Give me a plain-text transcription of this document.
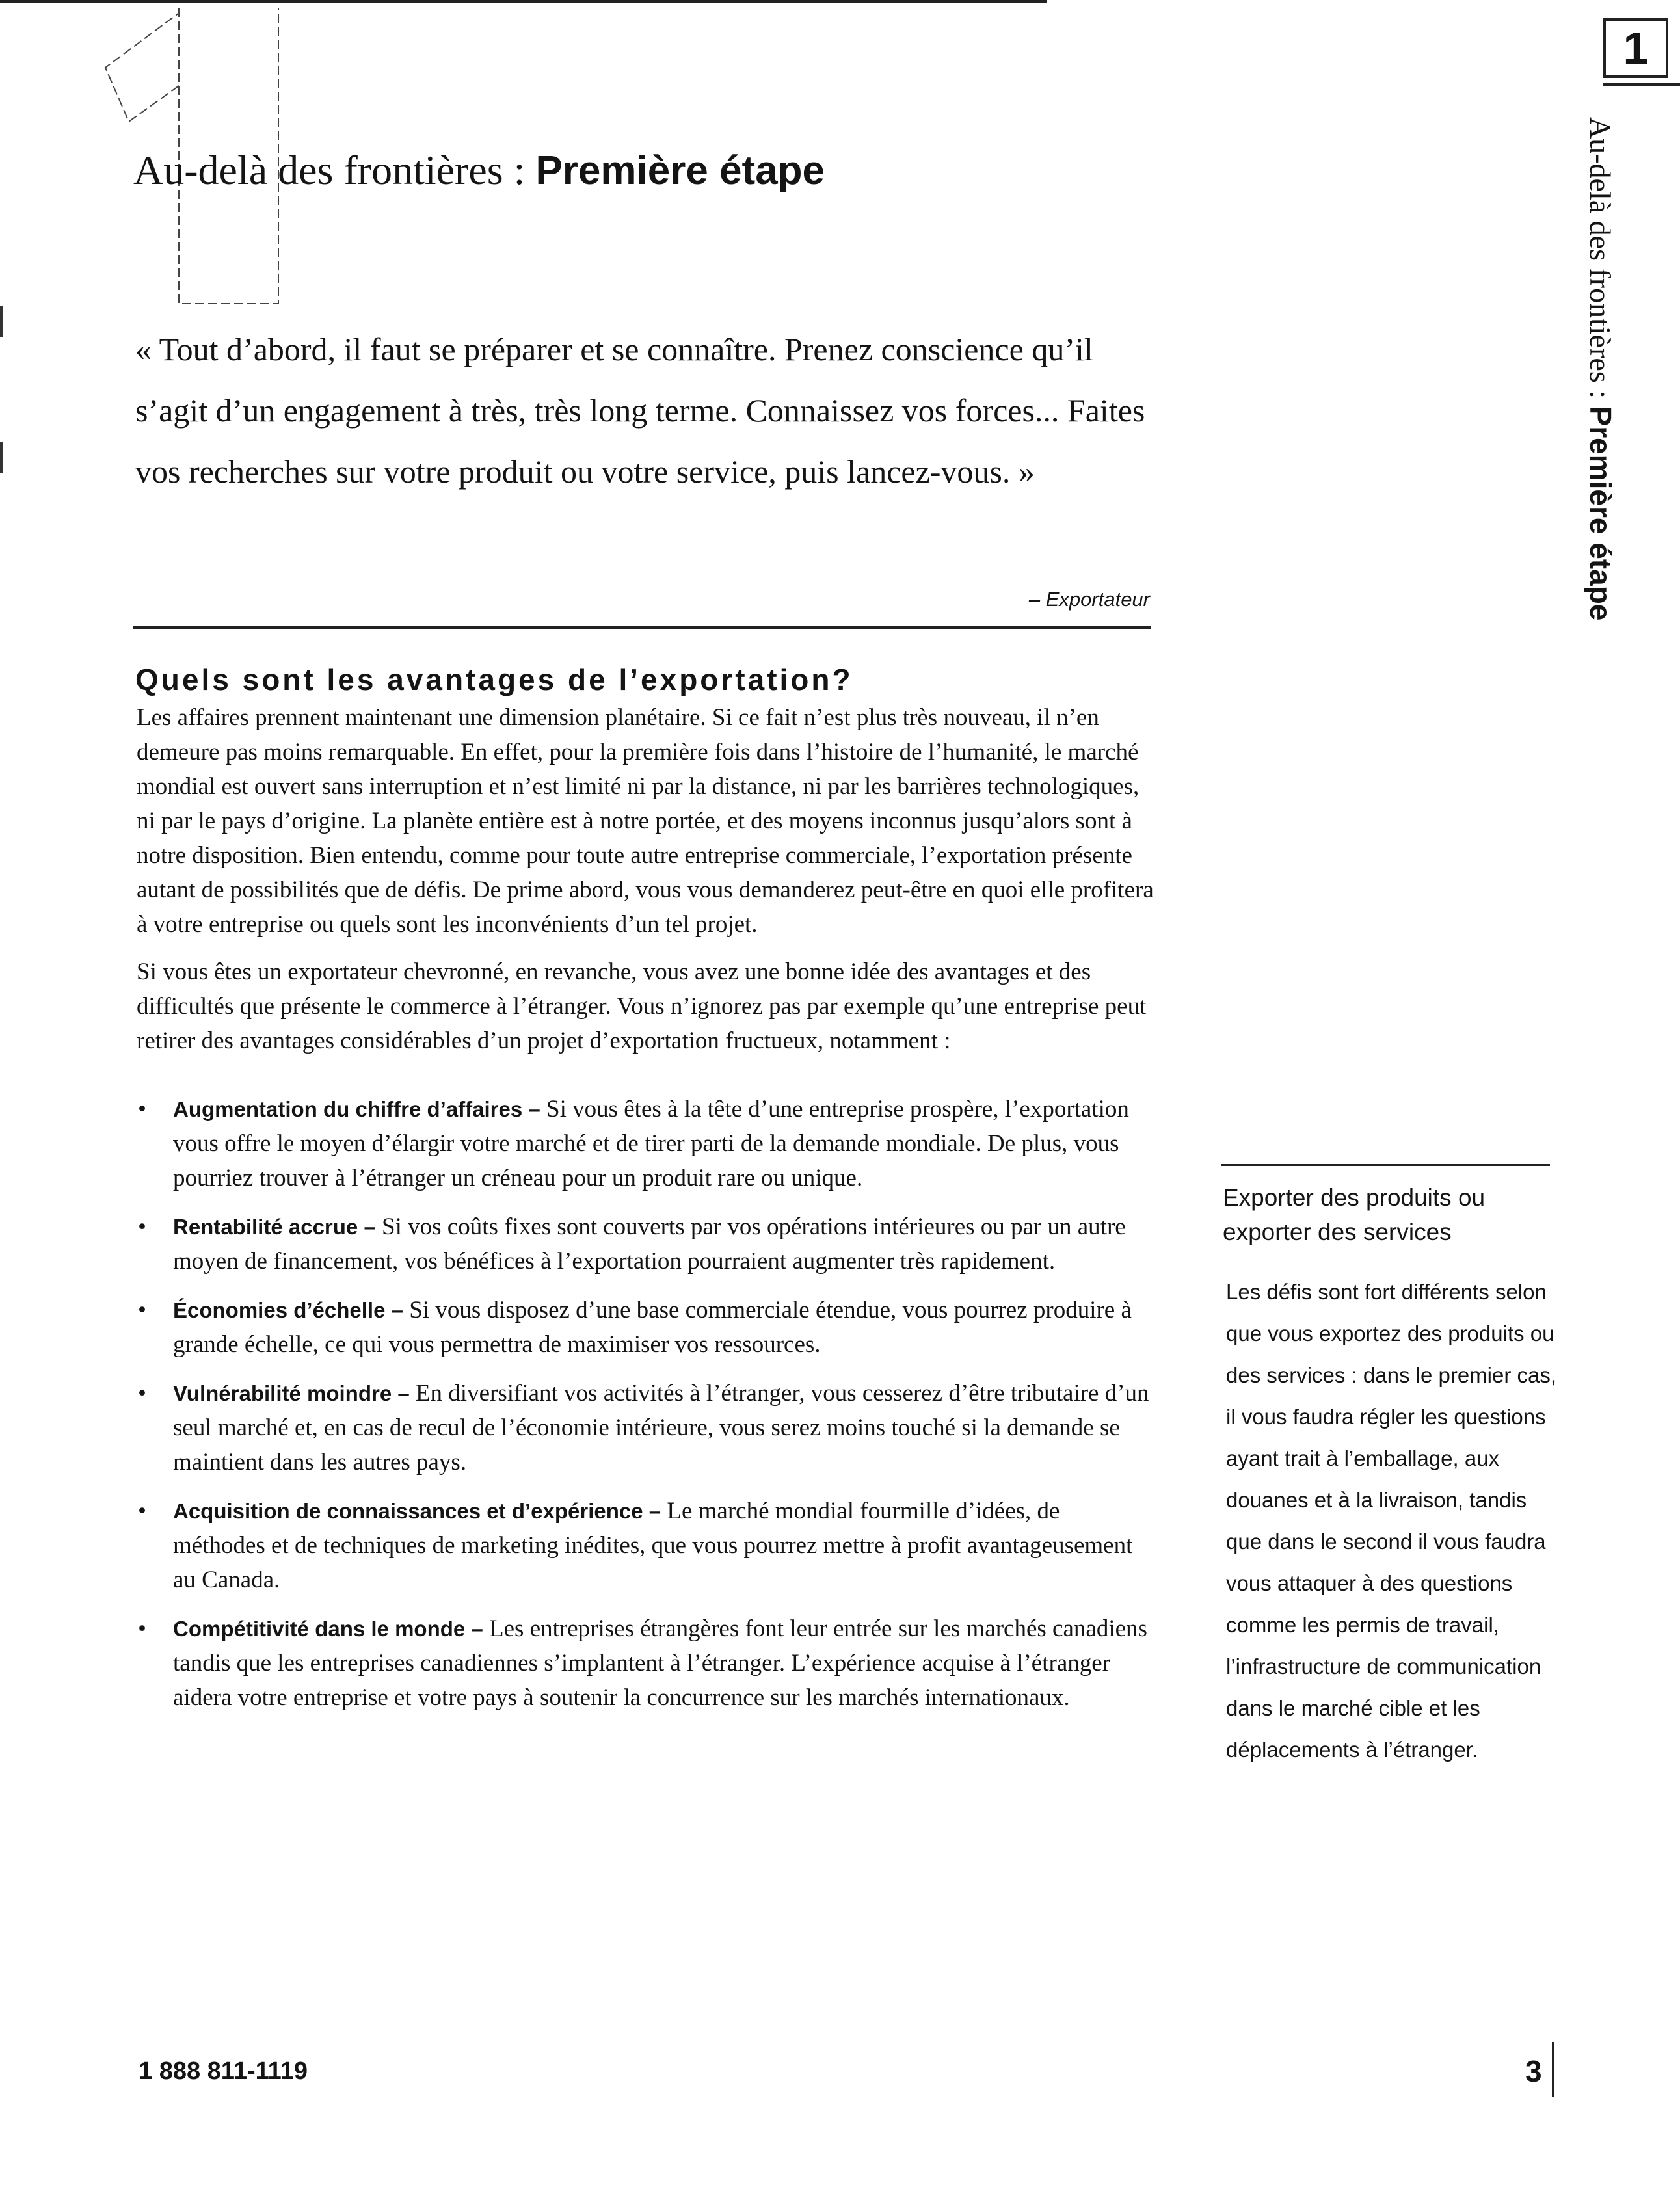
1
Au-delà des frontières : Première étape	Au-delà des frontières : Première étape

« Tout d’abord, il faut se préparer et se connaître. Prenez conscience qu’il s’agit d’un engagement à très, très long terme. Connaissez vos forces... Faites vos recherches sur votre produit ou votre service, puis lancez-vous. »

– Exportateur
Quels sont les avantages de l’exportation?

Les affaires prennent maintenant une dimension planétaire. Si ce fait n’est plus très nouveau, il n’en demeure pas moins remarquable. En effet, pour la première fois dans l’histoire de l’humanité, le marché mondial est ouvert sans interruption et n’est limité ni par la distance, ni par les barrières technologiques, ni par le pays d’origine. La planète entière est à notre portée, et des moyens inconnus jusqu’alors sont à notre disposition. Bien entendu, comme pour toute autre entreprise commerciale, l’exportation présente autant de possibilités que de défis. De prime abord, vous vous demanderez peut-être en quoi elle profitera à votre entreprise ou quels sont les inconvénients d’un tel projet.

Si vous êtes un exportateur chevronné, en revanche, vous avez une bonne idée des avantages et des difficultés que présente le commerce à l’étranger. Vous n’ignorez pas par exemple qu’une entreprise peut retirer des avantages considérables d’un projet d’exportation fructueux, notamment :

• Augmentation du chiffre d’affaires – Si vous êtes à la tête d’une entreprise prospère, l’exportation vous offre le moyen d’élargir votre marché et de tirer parti de la demande mondiale. De plus, vous pourriez trouver à l’étranger un créneau pour un produit rare ou unique.
• Rentabilité accrue – Si vos coûts fixes sont couverts par vos opérations intérieures ou par un autre moyen de financement, vos bénéfices à l’exportation pourraient augmenter très rapidement.
• Économies d’échelle – Si vous disposez d’une base commerciale étendue, vous pourrez produire à grande échelle, ce qui vous permettra de maximiser vos ressources.
• Vulnérabilité moindre – En diversifiant vos activités à l’étranger, vous cesserez d’être tributaire d’un seul marché et, en cas de recul de l’économie intérieure, vous serez moins touché si la demande se maintient dans les autres pays.
• Acquisition de connaissances et d’expérience – Le marché mondial fourmille d’idées, de méthodes et de techniques de marketing inédites, que vous pourrez mettre à profit avantageusement au Canada.
• Compétitivité dans le monde – Les entreprises étrangères font leur entrée sur les marchés canadiens tandis que les entreprises canadiennes s’implantent à l’étranger. L’expérience acquise à l’étranger aidera votre entreprise et votre pays à soutenir la concurrence sur les marchés internationaux.
Exporter des produits ou exporter des services

Les défis sont fort différents selon que vous exportez des produits ou des services : dans le premier cas, il vous faudra régler les questions ayant trait à l’emballage, aux douanes et à la livraison, tandis que dans le second il vous faudra vous attaquer à des questions comme les permis de travail, l’infrastructure de communication dans le marché cible et les déplacements à l’étranger.

1 888 811-1119	3
